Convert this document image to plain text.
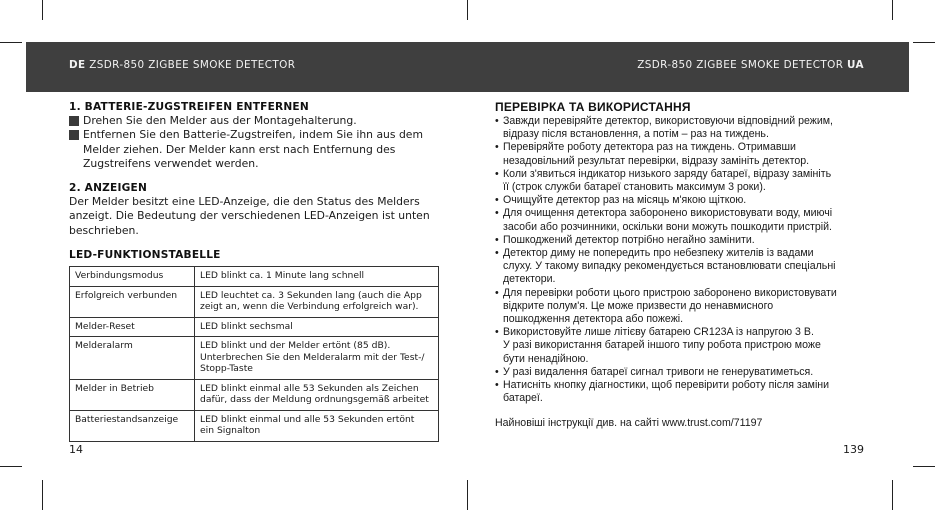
DE ZSDR-850 ZIGBEE SMOKE DETECTOR	ZSDR-850 ZIGBEE SMOKE DETECTOR UA
1. BATTERIE-ZUGSTREIFEN ENTFERNEN
Drehen Sie den Melder aus der Montagehalterung.
Entfernen Sie den Batterie-Zugstreifen, indem Sie ihn aus dem
Melder ziehen. Der Melder kann erst nach Entfernung des
Zugstreifens verwendet werden.
2. ANZEIGEN
Der Melder besitzt eine LED-Anzeige, die den Status des Melders
anzeigt. Die Bedeutung der verschiedenen LED-Anzeigen ist unten
beschrieben.
LED-FUNKTIONSTABELLE
Verbindungsmodus	LED blinkt ca. 1 Minute lang schnell

Erfolgreich verbunden	LED leuchtet ca. 3 Sekunden lang (auch die App
zeigt an, wenn die Verbindung erfolgreich war).

Melder-Reset	LED blinkt sechsmal

Melderalarm	LED blinkt und der Melder ertönt (85 dB).
Unterbrechen Sie den Melderalarm mit der Test-/
Stopp-Taste

Melder in Betrieb	LED blinkt einmal alle 53 Sekunden als Zeichen
dafür, dass der Meldung ordnungsgemäß arbeitet

Batteriestandsanzeige	LED blinkt einmal und alle 53 Sekunden ertönt
ein Signalton
14
ПЕРЕВІРКА ТА ВИКОРИСТАННЯ
• Завжди перевіряйте детектор, використовуючи відповідний режим,
відразу після встановлення, а потім – раз на тиждень.
• Перевіряйте роботу детектора раз на тиждень. Отримавши
незадовільний результат перевірки, відразу замініть детектор.
• Коли з'явиться індикатор низького заряду батареї, відразу замініть
її (строк служби батареї становить максимум 3 роки).
• Очищуйте детектор раз на місяць м'якою щіткою.
• Для очищення детектора заборонено використовувати воду, миючі
засоби або розчинники, оскільки вони можуть пошкодити пристрій.
• Пошкоджений детектор потрібно негайно замінити.
• Детектор диму не попередить про небезпеку жителів із вадами
слуху. У такому випадку рекомендується встановлювати спеціальні
детектори.
• Для перевірки роботи цього пристрою заборонено використовувати
відкрите полум'я. Це може призвести до ненавмисного
пошкодження детектора або пожежі.
• Використовуйте лише літієву батарею CR123A із напругою 3 В.
У разі використання батарей іншого типу робота пристрою може
бути ненадійною.
• У разі видалення батареї сигнал тривоги не генеруватиметься.
• Натисніть кнопку діагностики, щоб перевірити роботу після заміни
батареї.
Найновіші інструкції див. на сайті www.trust.com/71197
139
